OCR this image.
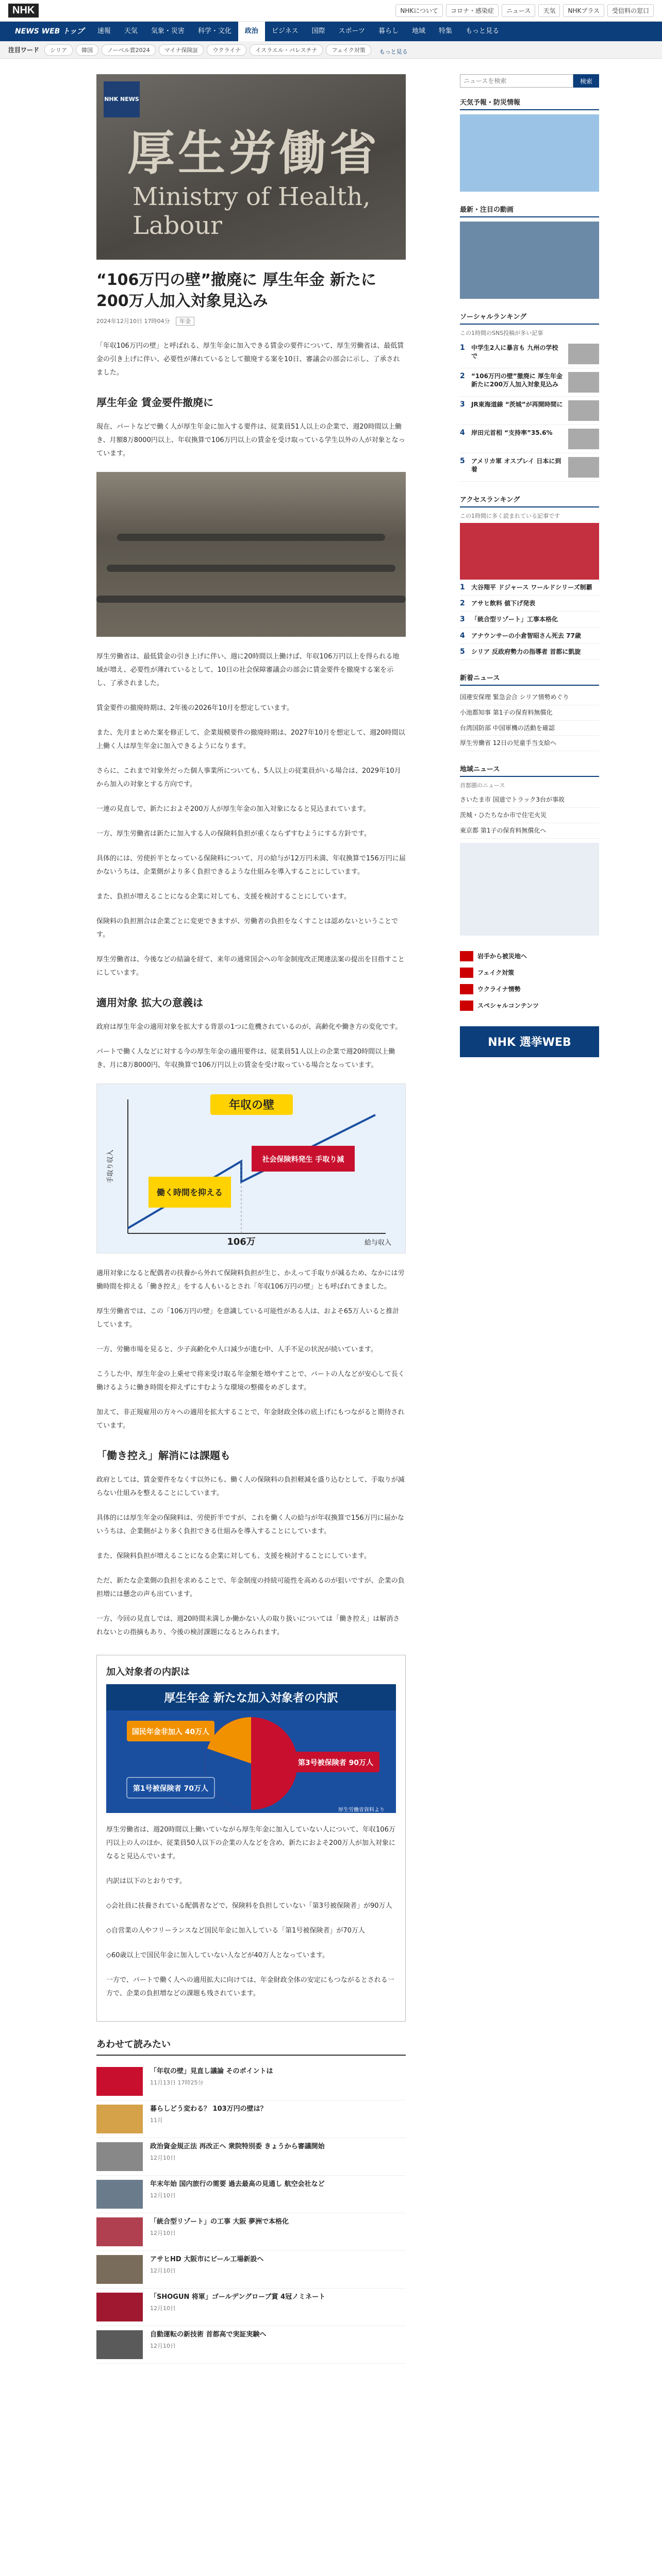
NHK	NHKについて	コロナ・感染症	ニュース	天気	NHKプラス	受信料の窓口
NEWS WEB トップ	速報	天気	気象・災害	科学・文化	政治	ビジネス	国際	スポーツ	暮らし	地域	特集	もっと見る
注目ワード	シリア	韓国	ノーベル賞2024	マイナ保険証	ウクライナ	イスラエル・パレスチナ	フェイク対策	もっと見る
NHK NEWS
厚生労働省
Ministry of Health, Labour
“106万円の壁”撤廃に 厚生年金 新たに200万人加入対象見込み
2024年12月10日 17時04分 年金

「年収106万円の壁」と呼ばれる、厚生年金に加入できる賃金の要件について、厚生労働省は、最低賃金の引き上げに伴い、必要性が薄れているとして撤廃する案を10日、審議会の部会に示し、了承されました。

厚生年金 賃金要件撤廃に

現在、パートなどで働く人が厚生年金に加入する要件は、従業員51人以上の企業で、週20時間以上働き、月額8万8000円以上、年収換算で106万円以上の賃金を受け取っている学生以外の人が対象となっています。

厚生労働省は、最低賃金の引き上げに伴い、週に20時間以上働けば、年収106万円以上を得られる地域が増え、必要性が薄れているとして、10日の社会保障審議会の部会に賃金要件を撤廃する案を示し、了承されました。

賃金要件の撤廃時期は、2年後の2026年10月を想定しています。

また、先月まとめた案を修正して、企業規模要件の撤廃時期は、2027年10月を想定して、週20時間以上働く人は厚生年金に加入できるようになります。

さらに、これまで対象外だった個人事業所についても、5人以上の従業員がいる場合は、2029年10月から加入の対象とする方向です。

一連の見直しで、新たにおよそ200万人が厚生年金の加入対象になると見込まれています。

一方、厚生労働省は新たに加入する人の保険料負担が重くならずすむようにする方針です。

具体的には、労使折半となっている保険料について、月の給与が12万円未満、年収換算で156万円に届かないうちは、企業側がより多く負担できるような仕組みを導入することにしています。

また、負担が増えることになる企業に対しても、支援を検討することにしています。

保険料の負担割合は企業ごとに変更できますが、労働者の負担をなくすことは認めないということです。

厚生労働省は、今後などの結論を経て、来年の通常国会への年金制度改正関連法案の提出を目指すことにしています。

適用対象 拡大の意義は

政府は厚生年金の適用対象を拡大する背景の1つに危機されているのが、高齢化や働き方の変化です。

パートで働く人などに対する今の厚生年金の適用要件は、従業員51人以上の企業で週20時間以上働き、月に8万8000円、年収換算で106万円以上の賃金を受け取っている場合となっています。

年収の壁
働く時間を抑える
社会保険料発生 手取り減
106万
手取り収入
給与収入

適用対象になると配偶者の扶養から外れて保険料負担が生じ、かえって手取りが減るため、なかには労働時間を抑える「働き控え」をする人もいるとされ「年収106万円の壁」とも呼ばれてきました。

厚生労働省では、この「106万円の壁」を意識している可能性がある人は、およそ65万人いると推計しています。

一方、労働市場を見ると、少子高齢化や人口減少が進む中、人手不足の状況が続いています。

こうした中、厚生年金の上乗せで将来受け取る年金額を増やすことで、パートの人などが安心して長く働けるように働き時間を抑えずにすむような環境の整備をめざします。

加えて、非正規雇用の方々への適用を拡大することで、年金財政全体の底上げにもつながると期待されています。

「働き控え」解消には課題も

政府としては、賃金要件をなくす以外にも、働く人の保険料の負担軽減を盛り込むとして、手取りが減らない仕組みを整えることにしています。

具体的には厚生年金の保険料は、労使折半ですが、これを働く人の給与が年収換算で156万円に届かないうちは、企業側がより多く負担できる仕組みを導入することにしています。

また、保険料負担が増えることになる企業に対しても、支援を検討することにしています。

ただ、新たな企業側の負担を求めることで、年金制度の持続可能性を高めるのが狙いですが、企業の負担増には懸念の声も出ています。

一方、今回の見直しでは、週20時間未満しか働かない人の取り扱いについては「働き控え」は解消されないとの指摘もあり、今後の検討課題になるとみられます。

加入対象者の内訳は
厚生年金 新たな加入対象者の内訳
国民年金非加入 40万人
第3号被保険者 90万人
第1号被保険者 70万人
厚生労働省資料より

厚生労働省は、週20時間以上働いていながら厚生年金に加入していない人について、年収106万円以上の人のほか、従業員50人以下の企業の人などを含め、新たにおよそ200万人が加入対象になると見込んでいます。

内訳は以下のとおりです。

◇会社員に扶養されている配偶者などで、保険料を負担していない「第3号被保険者」が90万人

◇自営業の人やフリーランスなど国民年金に加入している「第1号被保険者」が70万人

◇60歳以上で国民年金に加入していない人などが40万人となっています。

一方で、パートで働く人への適用拡大に向けては、年金財政全体の安定にもつながるとされる一方で、企業の負担増などの課題も残されています。

あわせて読みたい
「年収の壁」見直し議論 そのポイントは
11月13日 17時25分
暮らしどう変わる？ 103万円の壁は？
11月
政治資金規正法 再改正へ 衆院特別委 きょうから審議開始
12月10日
年末年始 国内旅行の需要 過去最高の見通し 航空会社など
12月10日
「統合型リゾート」の工事 大阪 夢洲で本格化
12月10日
アサヒHD 大阪市にビール工場新設へ
12月10日
「SHOGUN 将軍」ゴールデングローブ賞 4冠ノミネート
12月10日
自動運転の新技術 首都高で実証実験へ
12月10日
ニュースを検索
検索
天気予報・防災情報
最新・注目の動画
ソーシャルランキング
この1時間のSNS投稿が多い記事
1	中学生2人に暴言も 九州の学校で
2	“106万円の壁”撤廃に 厚生年金 新たに200万人加入対象見込み
3	JR東海道線 “茨城”が再開時間に
4	岸田元首相 “支持率”35.6%
5	アメリカ軍 オスプレイ 日本に到着
アクセスランキング
この1時間に多く読まれている記事です
1	大谷翔平 ドジャース ワールドシリーズ制覇
2	アサヒ飲料 値下げ発表
3	「統合型リゾート」工事本格化
4	アナウンサーの小倉智昭さん死去 77歳
5	シリア 反政府勢力の指導者 首都に凱旋
新着ニュース
国連安保理 緊急会合 シリア情勢めぐり
小池都知事 第1子の保育料無償化
台湾国防部 中国軍機の活動を確認
厚生労働省 12日の児童手当支給へ
地域ニュース
首都圏のニュース
さいたま市 国道でトラック3台が事故
茨城・ひたちなか市で住宅火災
東京都 第1子の保育料無償化へ
岩手から被災地へ
フェイク対策
ウクライナ情勢
スペシャルコンテンツ
NHK 選挙WEB
